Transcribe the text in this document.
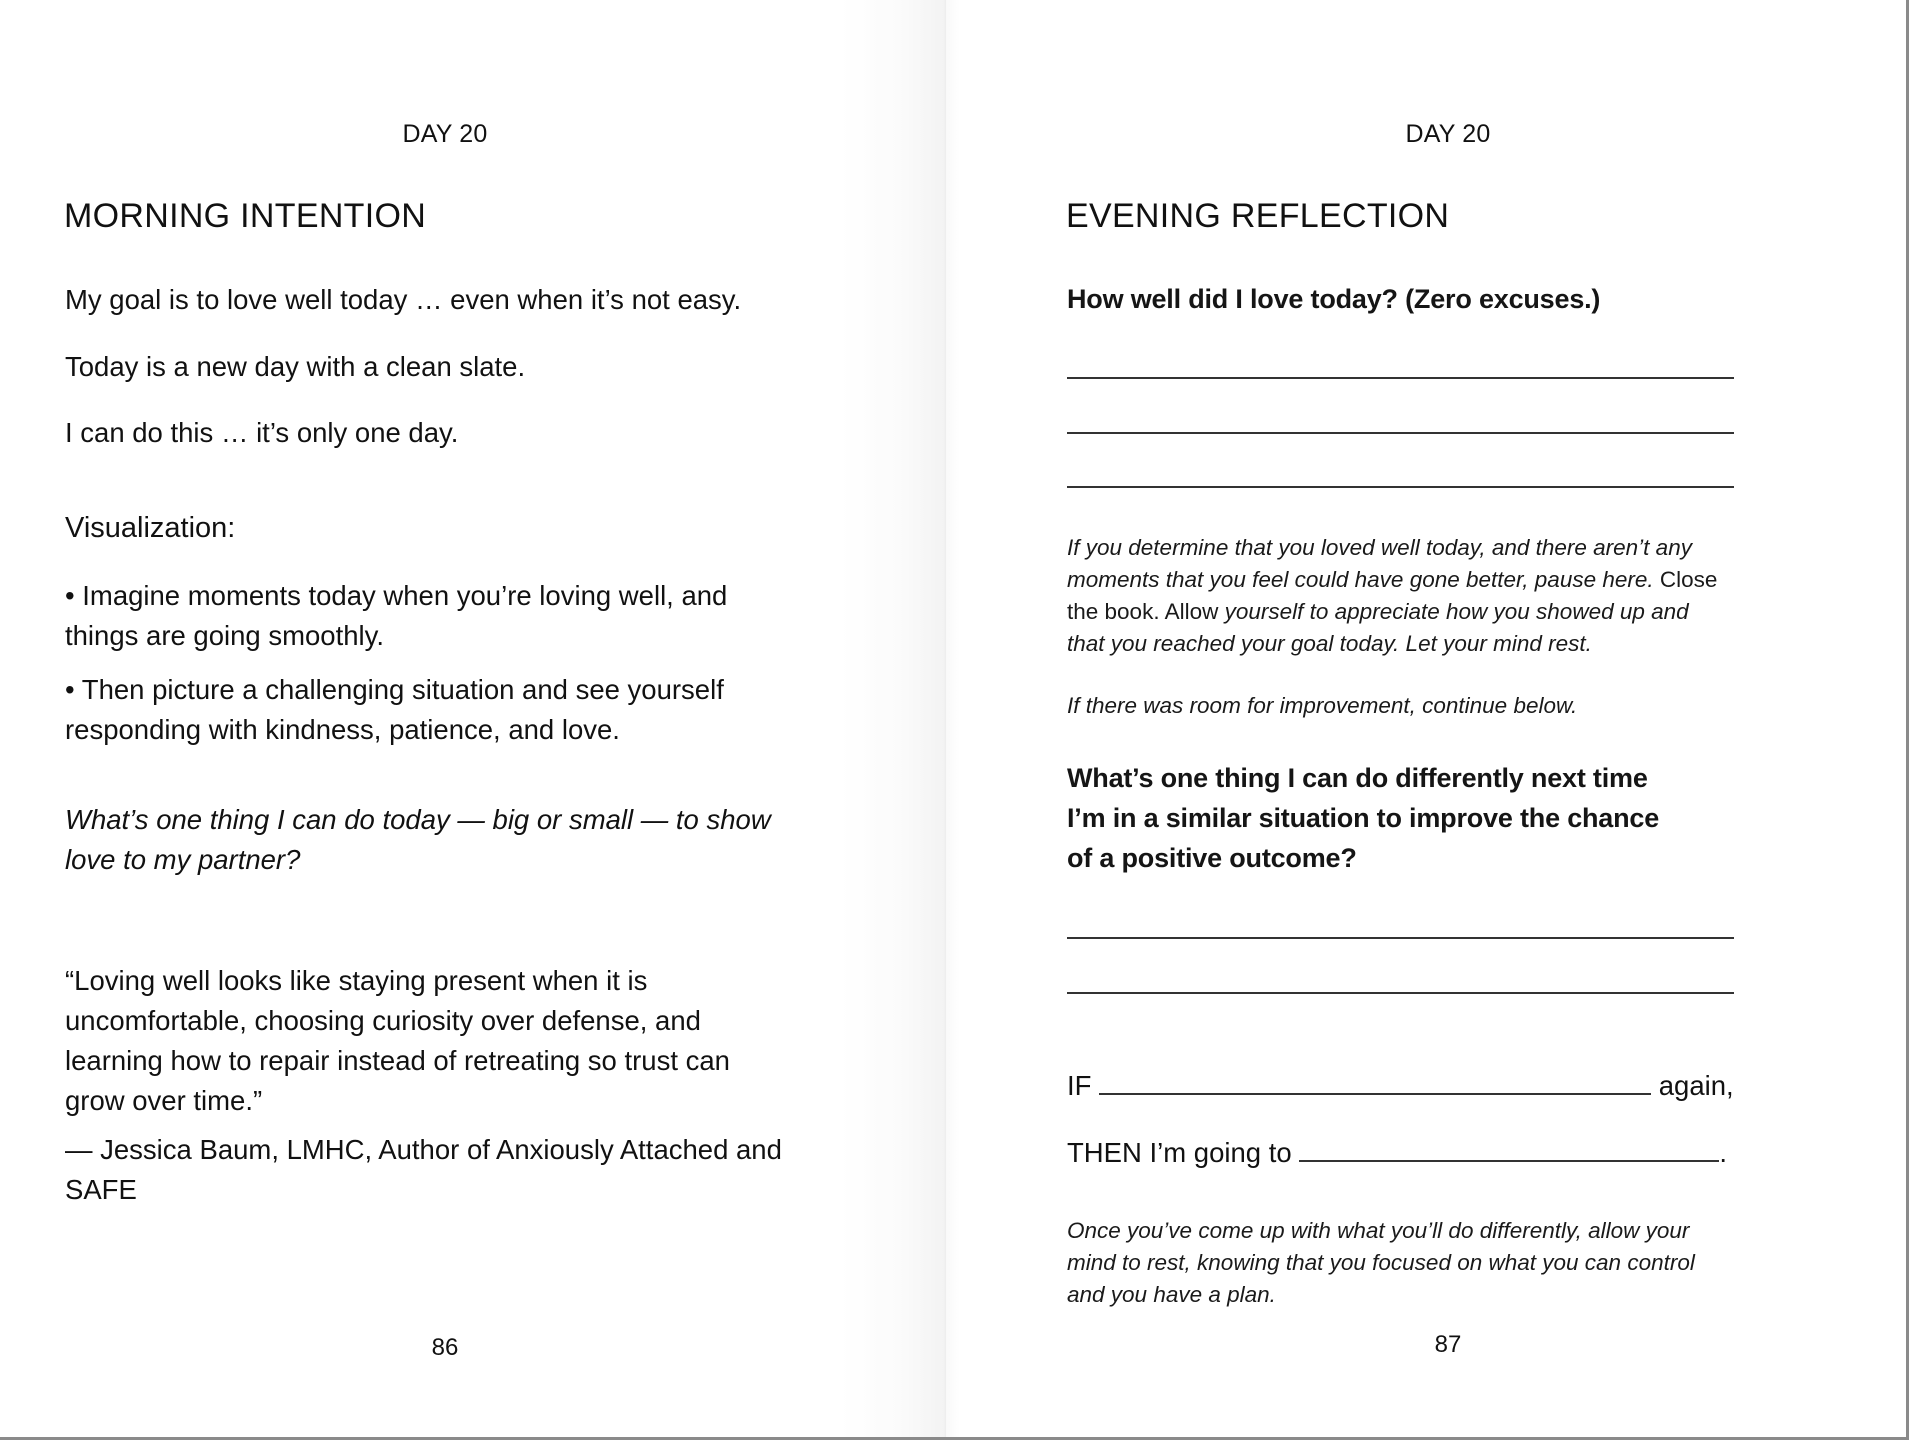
DAY 20
MORNING INTENTION

My goal is to love well today … even when it’s not easy.

Today is a new day with a clean slate.

I can do this … it’s only one day.

Visualization:

• Imagine moments today when you’re loving well, and
things are going smoothly.
• Then picture a challenging situation and see yourself
responding with kindness, patience, and love.
What’s one thing I can do today — big or small — to show
love to my partner?
“Loving well looks like staying present when it is
uncomfortable, choosing curiosity over defense, and
learning how to repair instead of retreating so trust can
grow over time.”
— Jessica Baum, LMHC, Author of Anxiously Attached and
SAFE
86
DAY 20
EVENING REFLECTION

How well did I love today? (Zero excuses.)

If you determine that you loved well today, and there aren’t any
moments that you feel could have gone better, pause here. Close
the book. Allow yourself to appreciate how you showed up and
that you reached your goal today. Let your mind rest.

If there was room for improvement, continue below.

What’s one thing I can do differently next time
I’m in a similar situation to improve the chance
of a positive outcome?
IF	again,
THEN I’m going to	.
Once you’ve come up with what you’ll do differently, allow your
mind to rest, knowing that you focused on what you can control
and you have a plan.
87
